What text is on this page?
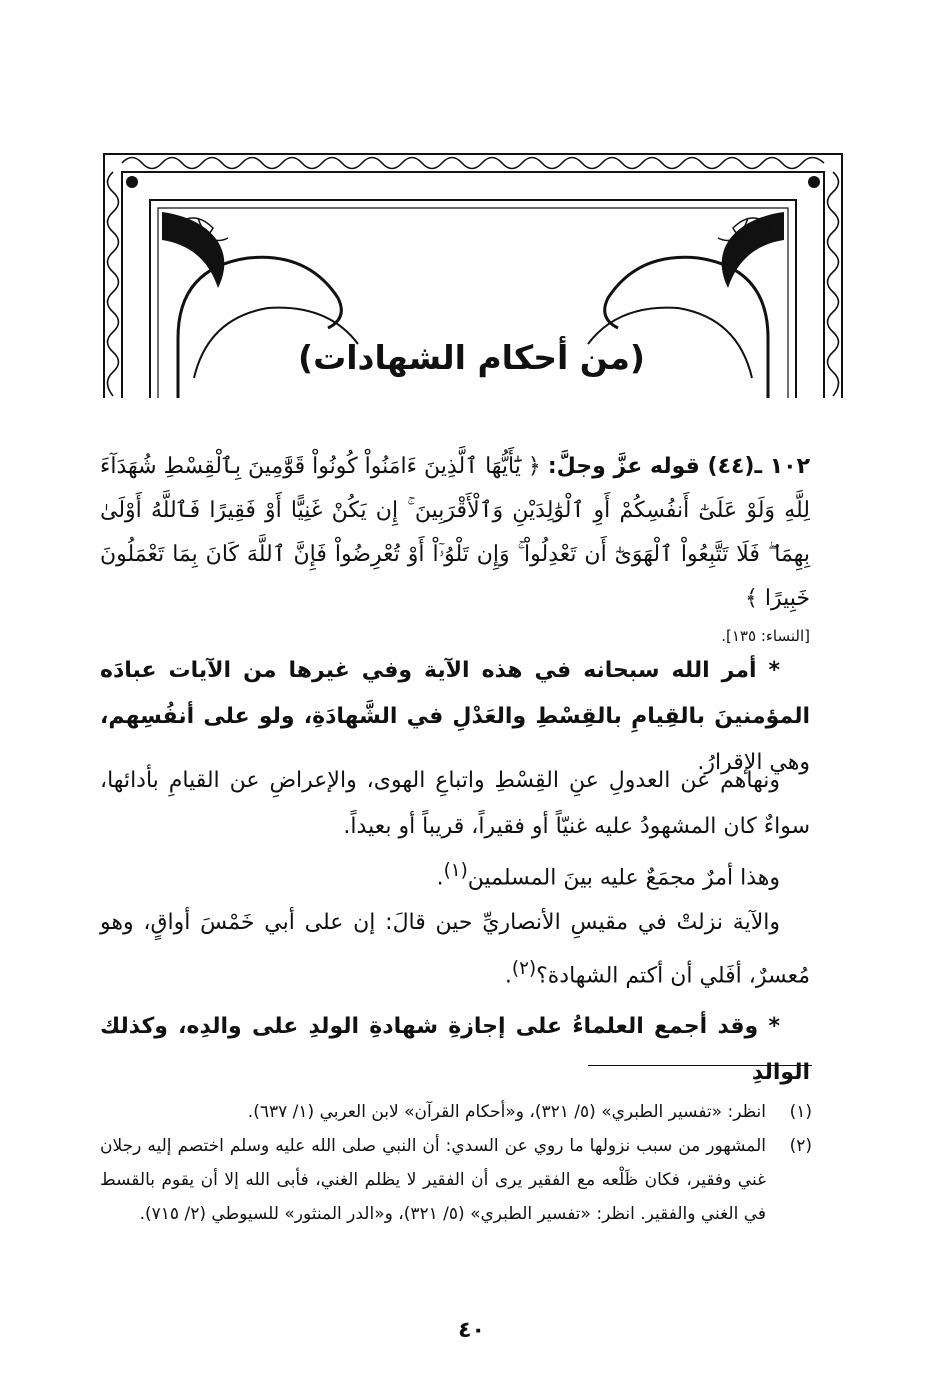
(من أحكام الشهادات)
١٠٢ ـ(٤٤) قوله عزَّ وجلَّ: ﴿ يَٰٓأَيُّهَا ٱلَّذِينَ ءَامَنُواْ كُونُواْ قَوَّٰمِينَ بِٱلْقِسْطِ شُهَدَآءَ لِلَّهِ وَلَوْ عَلَىٰٓ أَنفُسِكُمْ أَوِ ٱلْوَٰلِدَيْنِ وَٱلْأَقْرَبِينَ ۚ إِن يَكُنْ غَنِيًّا أَوْ فَقِيرًا فَٱللَّهُ أَوْلَىٰ بِهِمَا ۖ فَلَا تَتَّبِعُواْ ٱلْهَوَىٰٓ أَن تَعْدِلُواْ ۚ وَإِن تَلْوُۥٓاْ أَوْ تُعْرِضُواْ فَإِنَّ ٱللَّهَ كَانَ بِمَا تَعْمَلُونَ خَبِيرًا ﴾
[النساء: ١٣٥].
* أمر الله سبحانه في هذه الآية وفي غيرها من الآيات عبادَه المؤمنينَ بالقِيامِ بالقِسْطِ والعَدْلِ في الشَّهادَةِ، ولو على أنفُسِهم، وهي الإقرارُ.
ونهاهم عن العدولِ عنِ القِسْطِ واتباعِ الهوى، والإعراضِ عن القيامِ بأدائها، سواءٌ كان المشهودُ عليه غنيّاً أو فقيراً، قريباً أو بعيداً.
وهذا أمرٌ مجمَعٌ عليه بينَ المسلمين$^{(١)}$.
والآية نزلتْ في مقيسِ الأنصاريِّ حين قالَ: إن على أبي خَمْسَ أواقٍ، وهو مُعسرٌ، أفَلي أن أكتم الشهادة؟$^{(٢)}$.
* وقد أجمع العلماءُ على إجازةِ شهادةِ الولدِ على والدِه، وكذلك الوالدِ
(١)
انظر: «تفسير الطبري» (٥/ ٣٢١)، و«أحكام القرآن» لابن العربي (١/ ٦٣٧).
(٢)
المشهور من سبب نزولها ما روي عن السدي: أن النبي صلى الله عليه وسلم اختصم إليه رجلان غني وفقير، فكان ظَلْعه مع الفقير يرى أن الفقير لا يظلم الغني، فأبى الله إلا أن يقوم بالقسط في الغني والفقير. انظر: «تفسير الطبري» (٥/ ٣٢١)، و«الدر المنثور» للسيوطي (٢/ ٧١٥).
٤٠
